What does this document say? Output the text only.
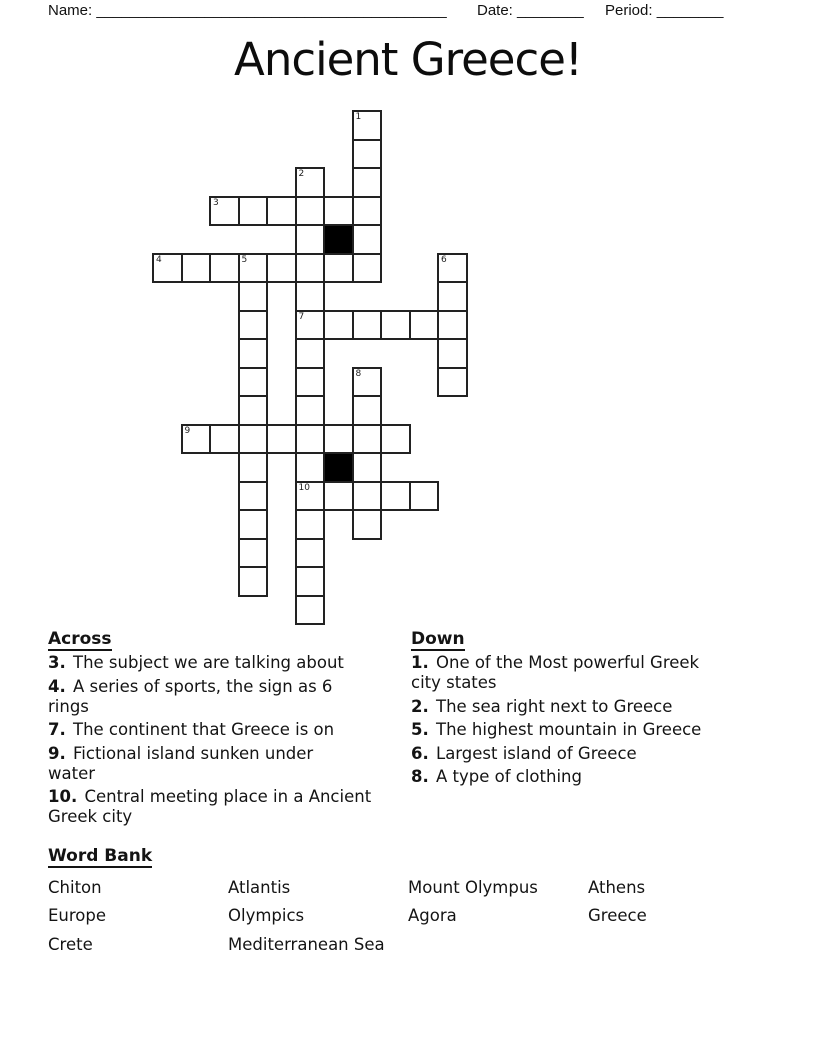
Name: __________________________________________ Date: ________ Period: ________
Ancient Greece!
1
2
7
10
3
4	5	6
8
9

Across

3. The subject we are talking about

4. A series of sports, the sign as 6
rings

7. The continent that Greece is on

9. Fictional island sunken under
water

10. Central meeting place in a Ancient
Greek city

Down

1. One of the Most powerful Greek
city states

2. The sea right next to Greece

5. The highest mountain in Greece

6. Largest island of Greece

8. A type of clothing

Word Bank

Chiton
Europe
Crete
Atlantis
Olympics
Mediterranean Sea
Mount Olympus
Agora
Athens
Greece
